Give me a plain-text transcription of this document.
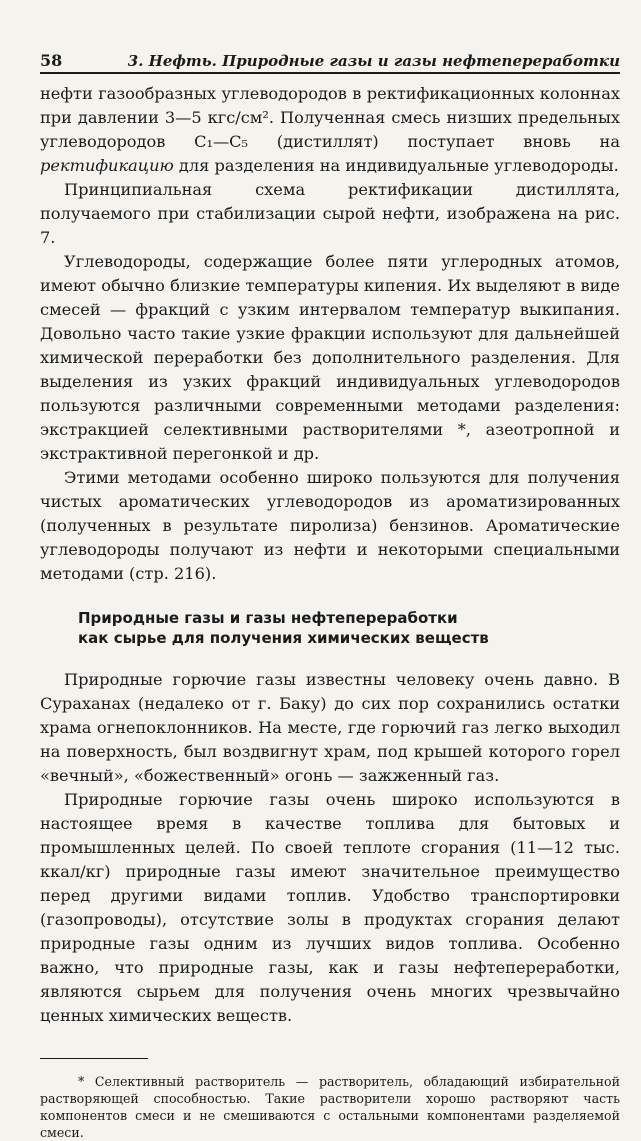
58	3. Нефть. Природные газы и газы нефтепереработки

нефти газообразных углеводородов в ректификационных колоннах при давлении 3—5 кгс/см². Полученная смесь низших предельных углеводородов C₁—C₅ (дистиллят) поступает вновь на ректификацию для разделения на индивидуальные углеводороды.

Принципиальная схема ректификации дистиллята, получаемого при стабилизации сырой нефти, изображена на рис. 7.

Углеводороды, содержащие более пяти углеродных атомов, имеют обычно близкие температуры кипения. Их выделяют в виде смесей — фракций с узким интервалом температур выкипания. Довольно часто такие узкие фракции используют для дальнейшей химической переработки без дополнительного разделения. Для выделения из узких фракций индивидуальных углеводородов пользуются различными современными методами разделения: экстракцией селективными растворителями *, азеотропной и экстрактивной перегонкой и др.

Этими методами особенно широко пользуются для получения чистых ароматических углеводородов из ароматизированных (полученных в результате пиролиза) бензинов. Ароматические углеводороды получают из нефти и некоторыми специальными методами (стр. 216).

Природные газы и газы нефтепереработки
как сырье для получения химических веществ

Природные горючие газы известны человеку очень давно. В Сураханах (недалеко от г. Баку) до сих пор сохранились остатки храма огнепоклонников. На месте, где горючий газ легко выходил на поверхность, был воздвигнут храм, под крышей которого горел «вечный», «божественный» огонь — зажженный газ.

Природные горючие газы очень широко используются в настоящее время в качестве топлива для бытовых и промышленных целей. По своей теплоте сгорания (11—12 тыс. ккал/кг) природные газы имеют значительное преимущество перед другими видами топлив. Удобство транспортировки (газопроводы), отсутствие золы в продуктах сгорания делают природные газы одним из лучших видов топлива. Особенно важно, что природные газы, как и газы нефтепереработки, являются сырьем для получения очень многих чрезвычайно ценных химических веществ.

* Селективный растворитель — растворитель, обладающий избирательной растворяющей способностью. Такие растворители хорошо растворяют часть компонентов смеси и не смешиваются с остальными компонентами разделяемой смеси.
